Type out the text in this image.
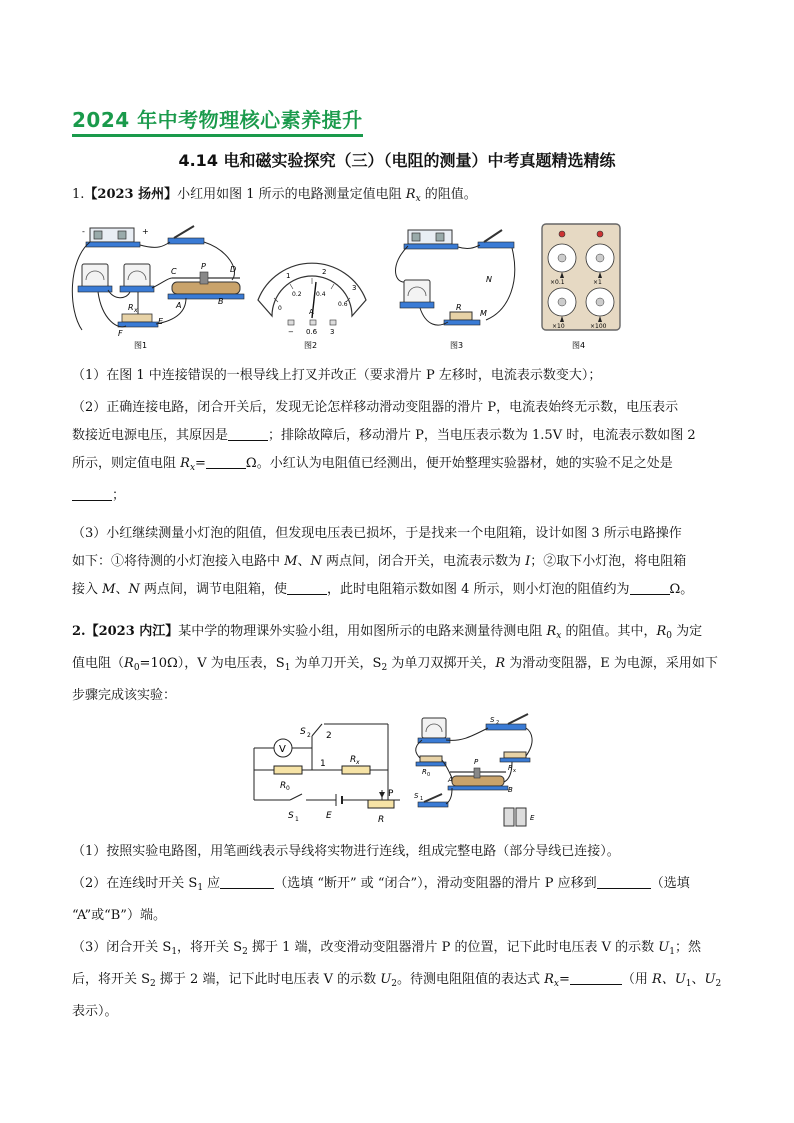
2024 年中考物理核心素养提升
4.14 电和磁实验探究（三）（电阻的测量）中考真题精选精练
1.【2023 扬州】小红用如图 1 所示的电路测量定值电阻 $R_x$ 的阻值。
-	+
C
P	D
A	B
R x
F
E
图1
1	2
3
0
0.2 0.4
0.6
A
− 0.6 3
图2
N
R
M
图3
×0.1	×1
×10	×100
图4
（1）在图 1 中连接错误的一根导线上打叉并改正（要求滑片 P 左移时，电流表示数变大）；
（2）正确连接电路，闭合开关后，发现无论怎样移动滑动变阻器的滑片 P，电流表始终无示数，电压表示
数接近电源电压，其原因是	；排除故障后，移动滑片 P，当电压表示数为 1.5V 时，电流表示数如图 2
所示，则定值电阻 $R_x=$	Ω。小红认为电阻值已经测出，便开始整理实验器材，她的实验不足之处是
；
（3）小红继续测量小灯泡的阻值，但发现电压表已损坏，于是找来一个电阻箱，设计如图 3 所示电路操作
如下：①将待测的小灯泡接入电路中 M、N 两点间，闭合开关，电流表示数为 I；②取下小灯泡，将电阻箱
接入 M、N 两点间，调节电阻箱，使	，此时电阻箱示数如图 4 所示，则小灯泡的阻值约为	Ω。
2.【2023 内江】某中学的物理课外实验小组，用如图所示的电路来测量待测电阻 $R_x$ 的阻值。其中，$R_0$ 为定
值电阻$(R_0=10\Omega)$，V 为电压表，$S_1$ 为单刀开关，$S_2$ 为单刀双掷开关，R 为滑动变阻器，E 为电源，采用如下
步骤完成该实验：
V
S 2 2
1	R x
R 0
P
E
S 1	R
S 2
R 0
R x
P
A
B
S 1
E
（1）按照实验电路图，用笔画线表示导线将实物进行连线，组成完整电路（部分导线已连接）。
（2）在连线时开关 $S_1$ 应	（选填 “断开” 或 “闭合”），滑动变阻器的滑片 P 应移到	（选填
“A”或“B”）端。
（3）闭合开关 $S_1$，将开关 $S_2$ 掷于 1 端，改变滑动变阻器滑片 P 的位置，记下此时电压表 V 的示数 $U_1$；然
后，将开关 $S_2$ 掷于 2 端，记下此时电压表 V 的示数 $U_2$。待测电阻阻值的表达式 $R_x=$	（用 R、$U_1$、$U_2$
表示）。
